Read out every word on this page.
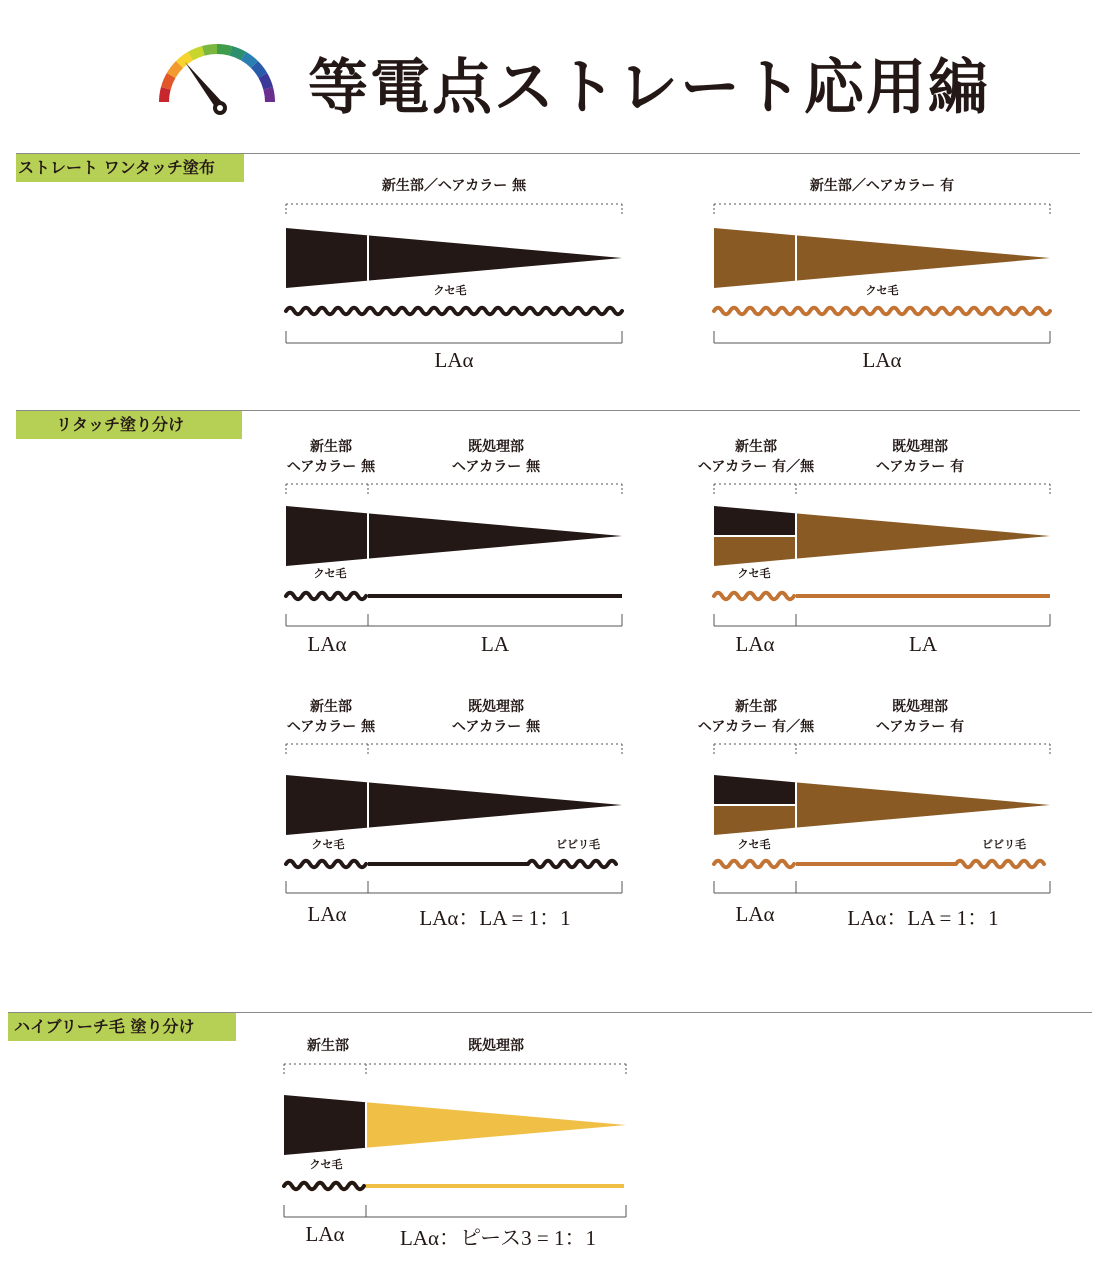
等電点ストレート応用編
ストレート ワンタッチ塗布
リタッチ塗り分け
ハイブリーチ毛 塗り分け
新生部／ヘアカラー 無
クセ毛
LAα
新生部／ヘアカラー 有
クセ毛
LAα
新生部
ヘアカラー 無
既処理部
ヘアカラー 無
クセ毛
LAα	LA
新生部
ヘアカラー 有／無
既処理部
ヘアカラー 有
クセ毛
LAα	LA
新生部
ヘアカラー 無
既処理部
ヘアカラー 無
クセ毛	ビビリ毛
LAα	LAα：LA = 1：1
新生部
ヘアカラー 有／無
既処理部
ヘアカラー 有
クセ毛	ビビリ毛
LAα	LAα：LA = 1：1
新生部	既処理部
クセ毛
LAα	LAα：ピース3 = 1：1
